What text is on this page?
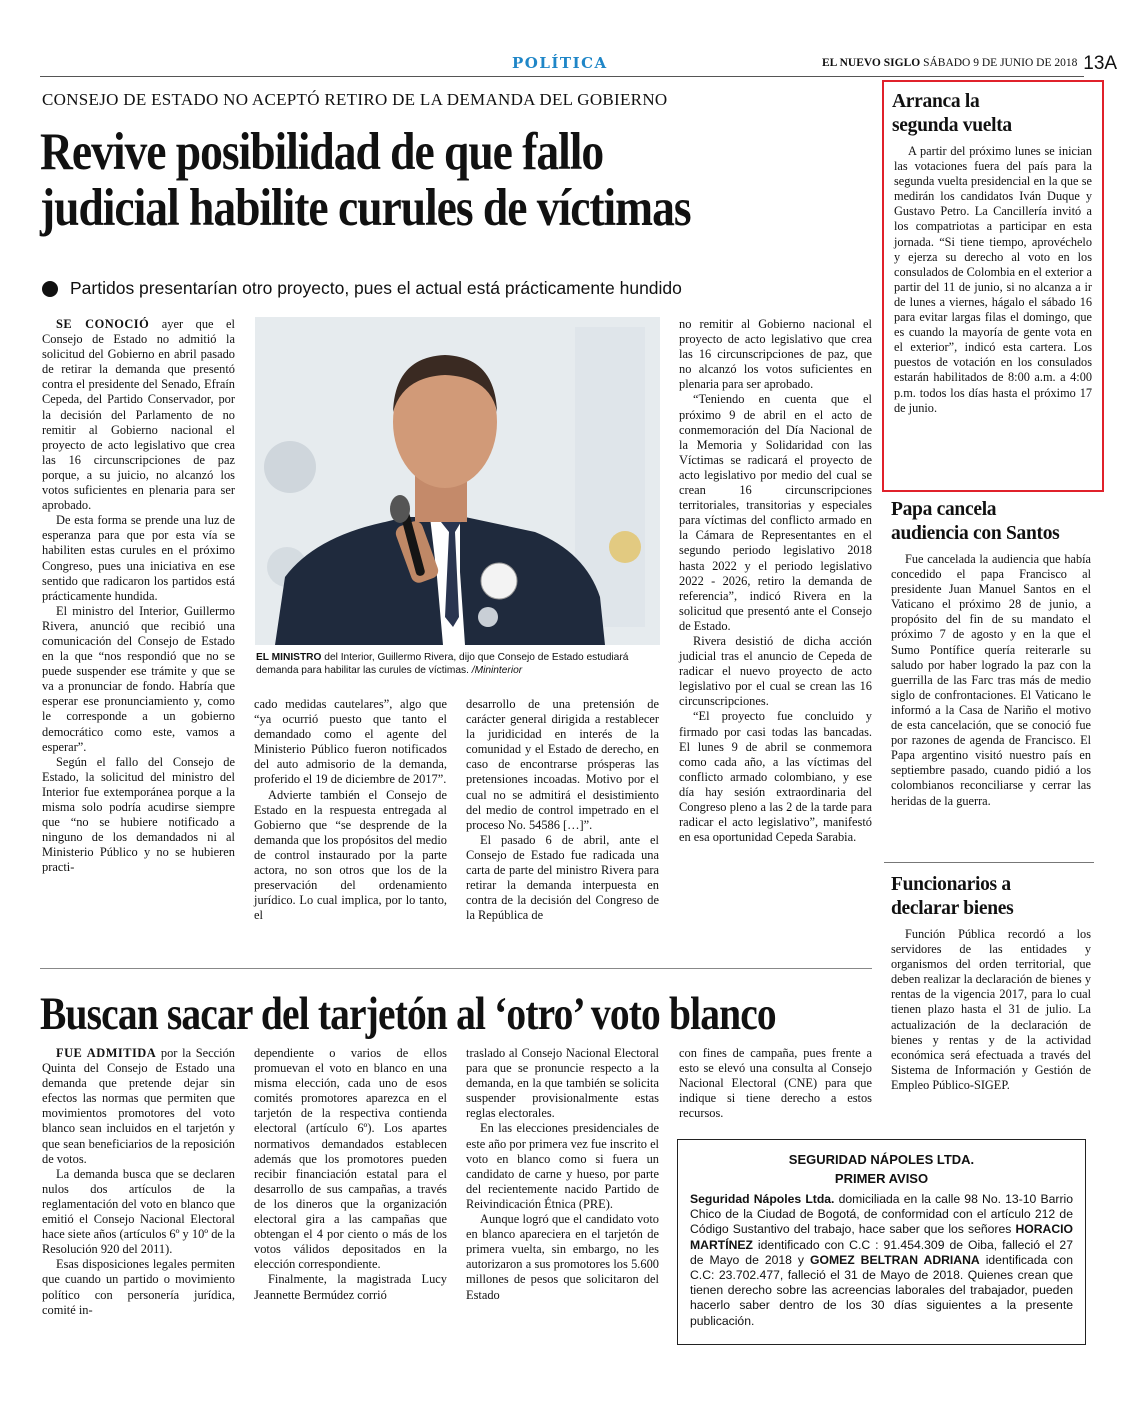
POLÍTICA	EL NUEVO SIGLO SÁBADO 9 DE JUNIO DE 2018 13A
CONSEJO DE ESTADO NO ACEPTÓ RETIRO DE LA DEMANDA DEL GOBIERNO
Revive posibilidad de que fallo
judicial habilite curules de víctimas
Partidos presentarían otro proyecto, pues el actual está prácticamente hundido

SE CONOCIÓ ayer que el Consejo de Estado no admitió la solicitud del Gobierno en abril pasado de retirar la demanda que presentó contra el presidente del Senado, Efraín Cepeda, del Partido Conservador, por la decisión del Parlamento de no remitir al Gobierno nacional el proyecto de acto legislativo que crea las 16 circunscripciones de paz porque, a su juicio, no alcanzó los votos suficientes en plenaria para ser aprobado.

De esta forma se prende una luz de esperanza para que por esta vía se habiliten estas curules en el próximo Congreso, pues una iniciativa en ese sentido que radicaron los partidos está prácticamente hundida.

El ministro del Interior, Guillermo Rivera, anunció que recibió una comunicación del Consejo de Estado en la que “nos respondió que no se puede suspender ese trámite y que se va a pronunciar de fondo. Habría que esperar ese pronunciamiento y, como le corresponde a un gobierno democrático como este, vamos a esperar”.

Según el fallo del Consejo de Estado, la solicitud del ministro del Interior fue extemporánea porque a la misma solo podría acudirse siempre que “no se hubiere notificado a ninguno de los demandados ni al Ministerio Público y no se hubieren practi-

EL MINISTRO del Interior, Guillermo Rivera, dijo que Consejo de Estado estudiará demanda para habilitar las curules de víctimas. /Mininterior

cado medidas cautelares”, algo que “ya ocurrió puesto que tanto el demandado como el agente del Ministerio Público fueron notificados del auto admisorio de la demanda, proferido el 19 de diciembre de 2017”.

Advierte también el Consejo de Estado en la respuesta entregada al Gobierno que “se desprende de la demanda que los propósitos del medio de control instaurado por la parte actora, no son otros que los de la preservación del ordenamiento jurídico. Lo cual implica, por lo tanto, el

desarrollo de una pretensión de carácter general dirigida a restablecer la juridicidad en interés de la comunidad y el Estado de derecho, en caso de encontrarse prósperas las pretensiones incoadas. Motivo por el cual no se admitirá el desistimiento del medio de control impetrado en el proceso No. 54586 […]”.

El pasado 6 de abril, ante el Consejo de Estado fue radicada una carta de parte del ministro Rivera para retirar la demanda interpuesta en contra de la decisión del Congreso de la República de

no remitir al Gobierno nacional el proyecto de acto legislativo que crea las 16 circunscripciones de paz, que no alcanzó los votos suficientes en plenaria para ser aprobado.

“Teniendo en cuenta que el próximo 9 de abril en el acto de conmemoración del Día Nacional de la Memoria y Solidaridad con las Víctimas se radicará el proyecto de acto legislativo por medio del cual se crean 16 circunscripciones territoriales, transitorias y especiales para víctimas del conflicto armado en la Cámara de Representantes en el segundo periodo legislativo 2018 hasta 2022 y el periodo legislativo 2022 - 2026, retiro la demanda de referencia”, indicó Rivera en la solicitud que presentó ante el Consejo de Estado.

Rivera desistió de dicha acción judicial tras el anuncio de Cepeda de radicar el nuevo proyecto de acto legislativo por el cual se crean las 16 circunscripciones.

“El proyecto fue concluido y firmado por casi todas las bancadas. El lunes 9 de abril se conmemora como cada año, a las víctimas del conflicto armado colombiano, y ese día hay sesión extraordinaria del Congreso pleno a las 2 de la tarde para radicar el acto legislativo”, manifestó en esa oportunidad Cepeda Sarabia.

Buscan sacar del tarjetón al ‘otro’ voto blanco

FUE ADMITIDA por la Sección Quinta del Consejo de Estado una demanda que pretende dejar sin efectos las normas que permiten que movimientos promotores del voto blanco sean incluidos en el tarjetón y que sean beneficiarios de la reposición de votos.

La demanda busca que se declaren nulos dos artículos de la reglamentación del voto en blanco que emitió el Consejo Nacional Electoral hace siete años (artículos 6º y 10º de la Resolución 920 del 2011).

Esas disposiciones legales permiten que cuando un partido o movimiento político con personería jurídica, comité in-

dependiente o varios de ellos promuevan el voto en blanco en una misma elección, cada uno de esos comités promotores aparezca en el tarjetón de la respectiva contienda electoral (artículo 6º). Los apartes normativos demandados establecen además que los promotores pueden recibir financiación estatal para el desarrollo de sus campañas, a través de los dineros que la organización electoral gira a las campañas que obtengan el 4 por ciento o más de los votos válidos depositados en la elección correspondiente.

Finalmente, la magistrada Lucy Jeannette Bermúdez corrió

traslado al Consejo Nacional Electoral para que se pronuncie respecto a la demanda, en la que también se solicita suspender provisionalmente estas reglas electorales.

En las elecciones presidenciales de este año por primera vez fue inscrito el voto en blanco como si fuera un candidato de carne y hueso, por parte del recientemente nacido Partido de Reivindicación Étnica (PRE).

Aunque logró que el candidato voto en blanco apareciera en el tarjetón de primera vuelta, sin embargo, no les autorizaron a sus promotores los 5.600 millones de pesos que solicitaron del Estado

con fines de campaña, pues frente a esto se elevó una consulta al Consejo Nacional Electoral (CNE) para que indique si tiene derecho a estos recursos.

Arranca la
segunda vuelta

A partir del próximo lunes se inician las votaciones fuera del país para la segunda vuelta presidencial en la que se medirán los candidatos Iván Duque y Gustavo Petro. La Cancillería invitó a los compatriotas a participar en esta jornada. “Si tiene tiempo, aprovéchelo y ejerza su derecho al voto en los consulados de Colombia en el exterior a partir del 11 de junio, si no alcanza a ir de lunes a viernes, hágalo el sábado 16 para evitar largas filas el domingo, que es cuando la mayoría de gente vota en el exterior”, indicó esta cartera. Los puestos de votación en los consulados estarán habilitados de 8:00 a.m. a 4:00 p.m. todos los días hasta el próximo 17 de junio.

Papa cancela
audiencia con Santos

Fue cancelada la audiencia que había concedido el papa Francisco al presidente Juan Manuel Santos en el Vaticano el próximo 28 de junio, a propósito del fin de su mandato el próximo 7 de agosto y en la que el Sumo Pontífice quería reiterarle su saludo por haber logrado la paz con la guerrilla de las Farc tras más de medio siglo de confrontaciones. El Vaticano le informó a la Casa de Nariño el motivo de esta cancelación, que se conoció fue por razones de agenda de Francisco. El Papa argentino visitó nuestro país en septiembre pasado, cuando pidió a los colombianos reconciliarse y cerrar las heridas de la guerra.

Funcionarios a
declarar bienes

Función Pública recordó a los servidores de las entidades y organismos del orden territorial, que deben realizar la declaración de bienes y rentas de la vigencia 2017, para lo cual tienen plazo hasta el 31 de julio. La actualización de la declaración de bienes y rentas y de la actividad económica será efectuada a través del Sistema de Información y Gestión de Empleo Público-SIGEP.

SEGURIDAD NÁPOLES LTDA.
PRIMER AVISO
Seguridad Nápoles Ltda. domiciliada en la calle 98 No. 13-10 Barrio Chico de la Ciudad de Bogotá, de conformidad con el artículo 212 de Código Sustantivo del trabajo, hace saber que los señores HORACIO MARTÍNEZ identificado con C.C : 91.454.309 de Oiba, falleció el 27 de Mayo de 2018 y GOMEZ BELTRAN ADRIANA identificada con C.C: 23.702.477, falleció el 31 de Mayo de 2018. Quienes crean que tienen derecho sobre las acreencias laborales del trabajador, pueden hacerlo saber dentro de los 30 días siguientes a la presente publicación.
